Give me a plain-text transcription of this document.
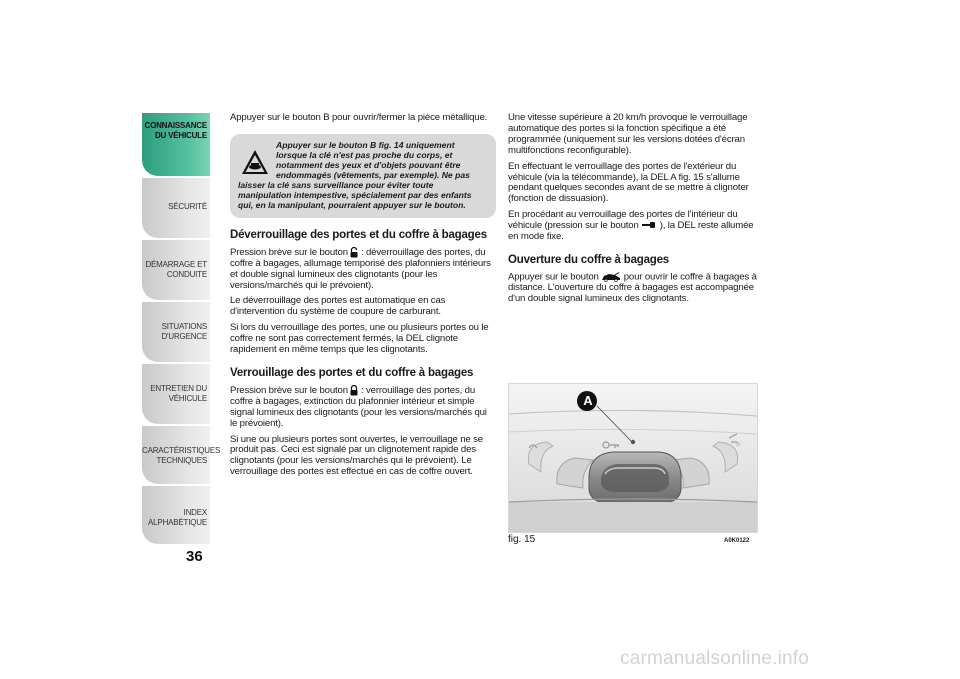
CONNAISSANCE
DU VÉHICULE
SÉCURITÉ
DÉMARRAGE ET
CONDUITE
SITUATIONS
D'URGENCE
ENTRETIEN DU
VÉHICULE
CARACTÉRISTIQUES
TECHNIQUES
INDEX
ALPHABÉTIQUE
36

Appuyer sur le bouton B pour ouvrir/fermer la pièce métallique.

Appuyer sur le bouton B fig. 14 uniquement lorsque la clé n'est pas proche du corps, et notamment des yeux et d'objets pouvant être endommagés (vêtements, par exemple). Ne pas laisser la clé sans surveillance pour éviter toute manipulation intempestive, spécialement par des enfants qui, en la manipulant, pourraient appuyer sur le bouton.
Déverrouillage des portes et du coffre à bagages

Pression brève sur le bouton : déverrouillage des portes, du coffre à bagages, allumage temporisé des plafonniers intérieurs et double signal lumineux des clignotants (pour les versions/marchés qui le prévoient).

Le déverrouillage des portes est automatique en cas d'intervention du système de coupure de carburant.

Si lors du verrouillage des portes, une ou plusieurs portes ou le coffre ne sont pas correctement fermés, la DEL clignote rapidement en même temps que les clignotants.

Verrouillage des portes et du coffre à bagages

Pression brève sur le bouton : verrouillage des portes, du coffre à bagages, extinction du plafonnier intérieur et simple signal lumineux des clignotants (pour les versions/marchés qui le prévoient).

Si une ou plusieurs portes sont ouvertes, le verrouillage ne se produit pas. Ceci est signalé par un clignotement rapide des clignotants (pour les versions/marchés qui le prévoient). Le verrouillage des portes est effectué en cas de coffre ouvert.

Une vitesse supérieure à 20 km/h provoque le verrouillage automatique des portes si la fonction spécifique a été programmée (uniquement sur les versions dotées d'écran multifonctions reconfigurable).

En effectuant le verrouillage des portes de l'extérieur du véhicule (via la télécommande), la DEL A fig. 15 s'allume pendant quelques secondes avant de se mettre à clignoter (fonction de dissuasion).

En procédant au verrouillage des portes de l'intérieur du véhicule (pression sur le bouton ), la DEL reste allumée en mode fixe.

Ouverture du coffre à bagages

Appuyer sur le bouton	pour ouvrir le coffre à bagages à distance. L'ouverture du coffre à bagages est accompagnée d'un double signal lumineux des clignotants.

A
fig. 15	A0K0122
carmanualsonline.info
